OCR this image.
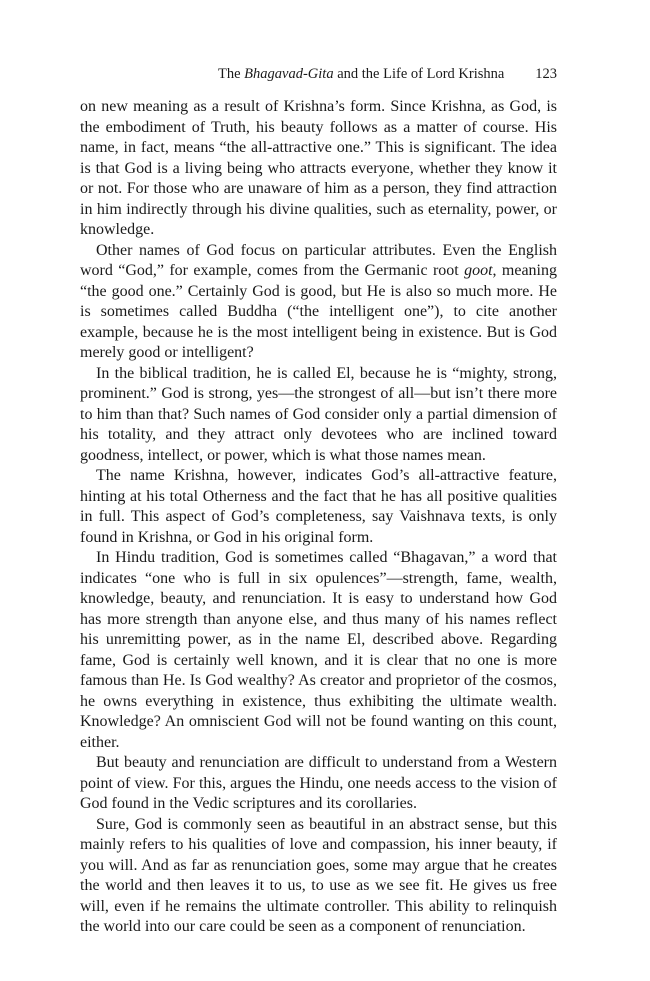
The Bhagavad-Gita and the Life of Lord Krishna 123

on new meaning as a result of Krishna’s form. Since Krishna, as God, is the embodiment of Truth, his beauty follows as a matter of course. His name, in fact, means “the all-attractive one.” This is significant. The idea is that God is a living being who attracts everyone, whether they know it or not. For those who are unaware of him as a person, they find attraction in him indirectly through his divine qualities, such as eternality, power, or knowledge.

Other names of God focus on particular attributes. Even the English word “God,” for example, comes from the Germanic root goot, meaning “the good one.” Certainly God is good, but He is also so much more. He is sometimes called Buddha (“the intelligent one”), to cite another example, because he is the most intelligent being in existence. But is God merely good or intelligent?

In the biblical tradition, he is called El, because he is “mighty, strong, prominent.” God is strong, yes—the strongest of all—but isn’t there more to him than that? Such names of God consider only a partial dimension of his totality, and they attract only devotees who are inclined toward goodness, intellect, or power, which is what those names mean.

The name Krishna, however, indicates God’s all-attractive feature, hinting at his total Otherness and the fact that he has all positive qualities in full. This aspect of God’s completeness, say Vaishnava texts, is only found in Krishna, or God in his original form.

In Hindu tradition, God is sometimes called “Bhagavan,” a word that indicates “one who is full in six opulences”—strength, fame, wealth, knowledge, beauty, and renunciation. It is easy to understand how God has more strength than anyone else, and thus many of his names reflect his unremitting power, as in the name El, described above. Regarding fame, God is certainly well known, and it is clear that no one is more famous than He. Is God wealthy? As creator and proprietor of the cosmos, he owns everything in existence, thus exhibiting the ultimate wealth. Knowledge? An omniscient God will not be found wanting on this count, either.

But beauty and renunciation are difficult to understand from a Western point of view. For this, argues the Hindu, one needs access to the vision of God found in the Vedic scriptures and its corollaries.

Sure, God is commonly seen as beautiful in an abstract sense, but this mainly refers to his qualities of love and compassion, his inner beauty, if you will. And as far as renunciation goes, some may argue that he creates the world and then leaves it to us, to use as we see fit. He gives us free will, even if he remains the ultimate controller. This ability to relinquish the world into our care could be seen as a component of renunciation.
